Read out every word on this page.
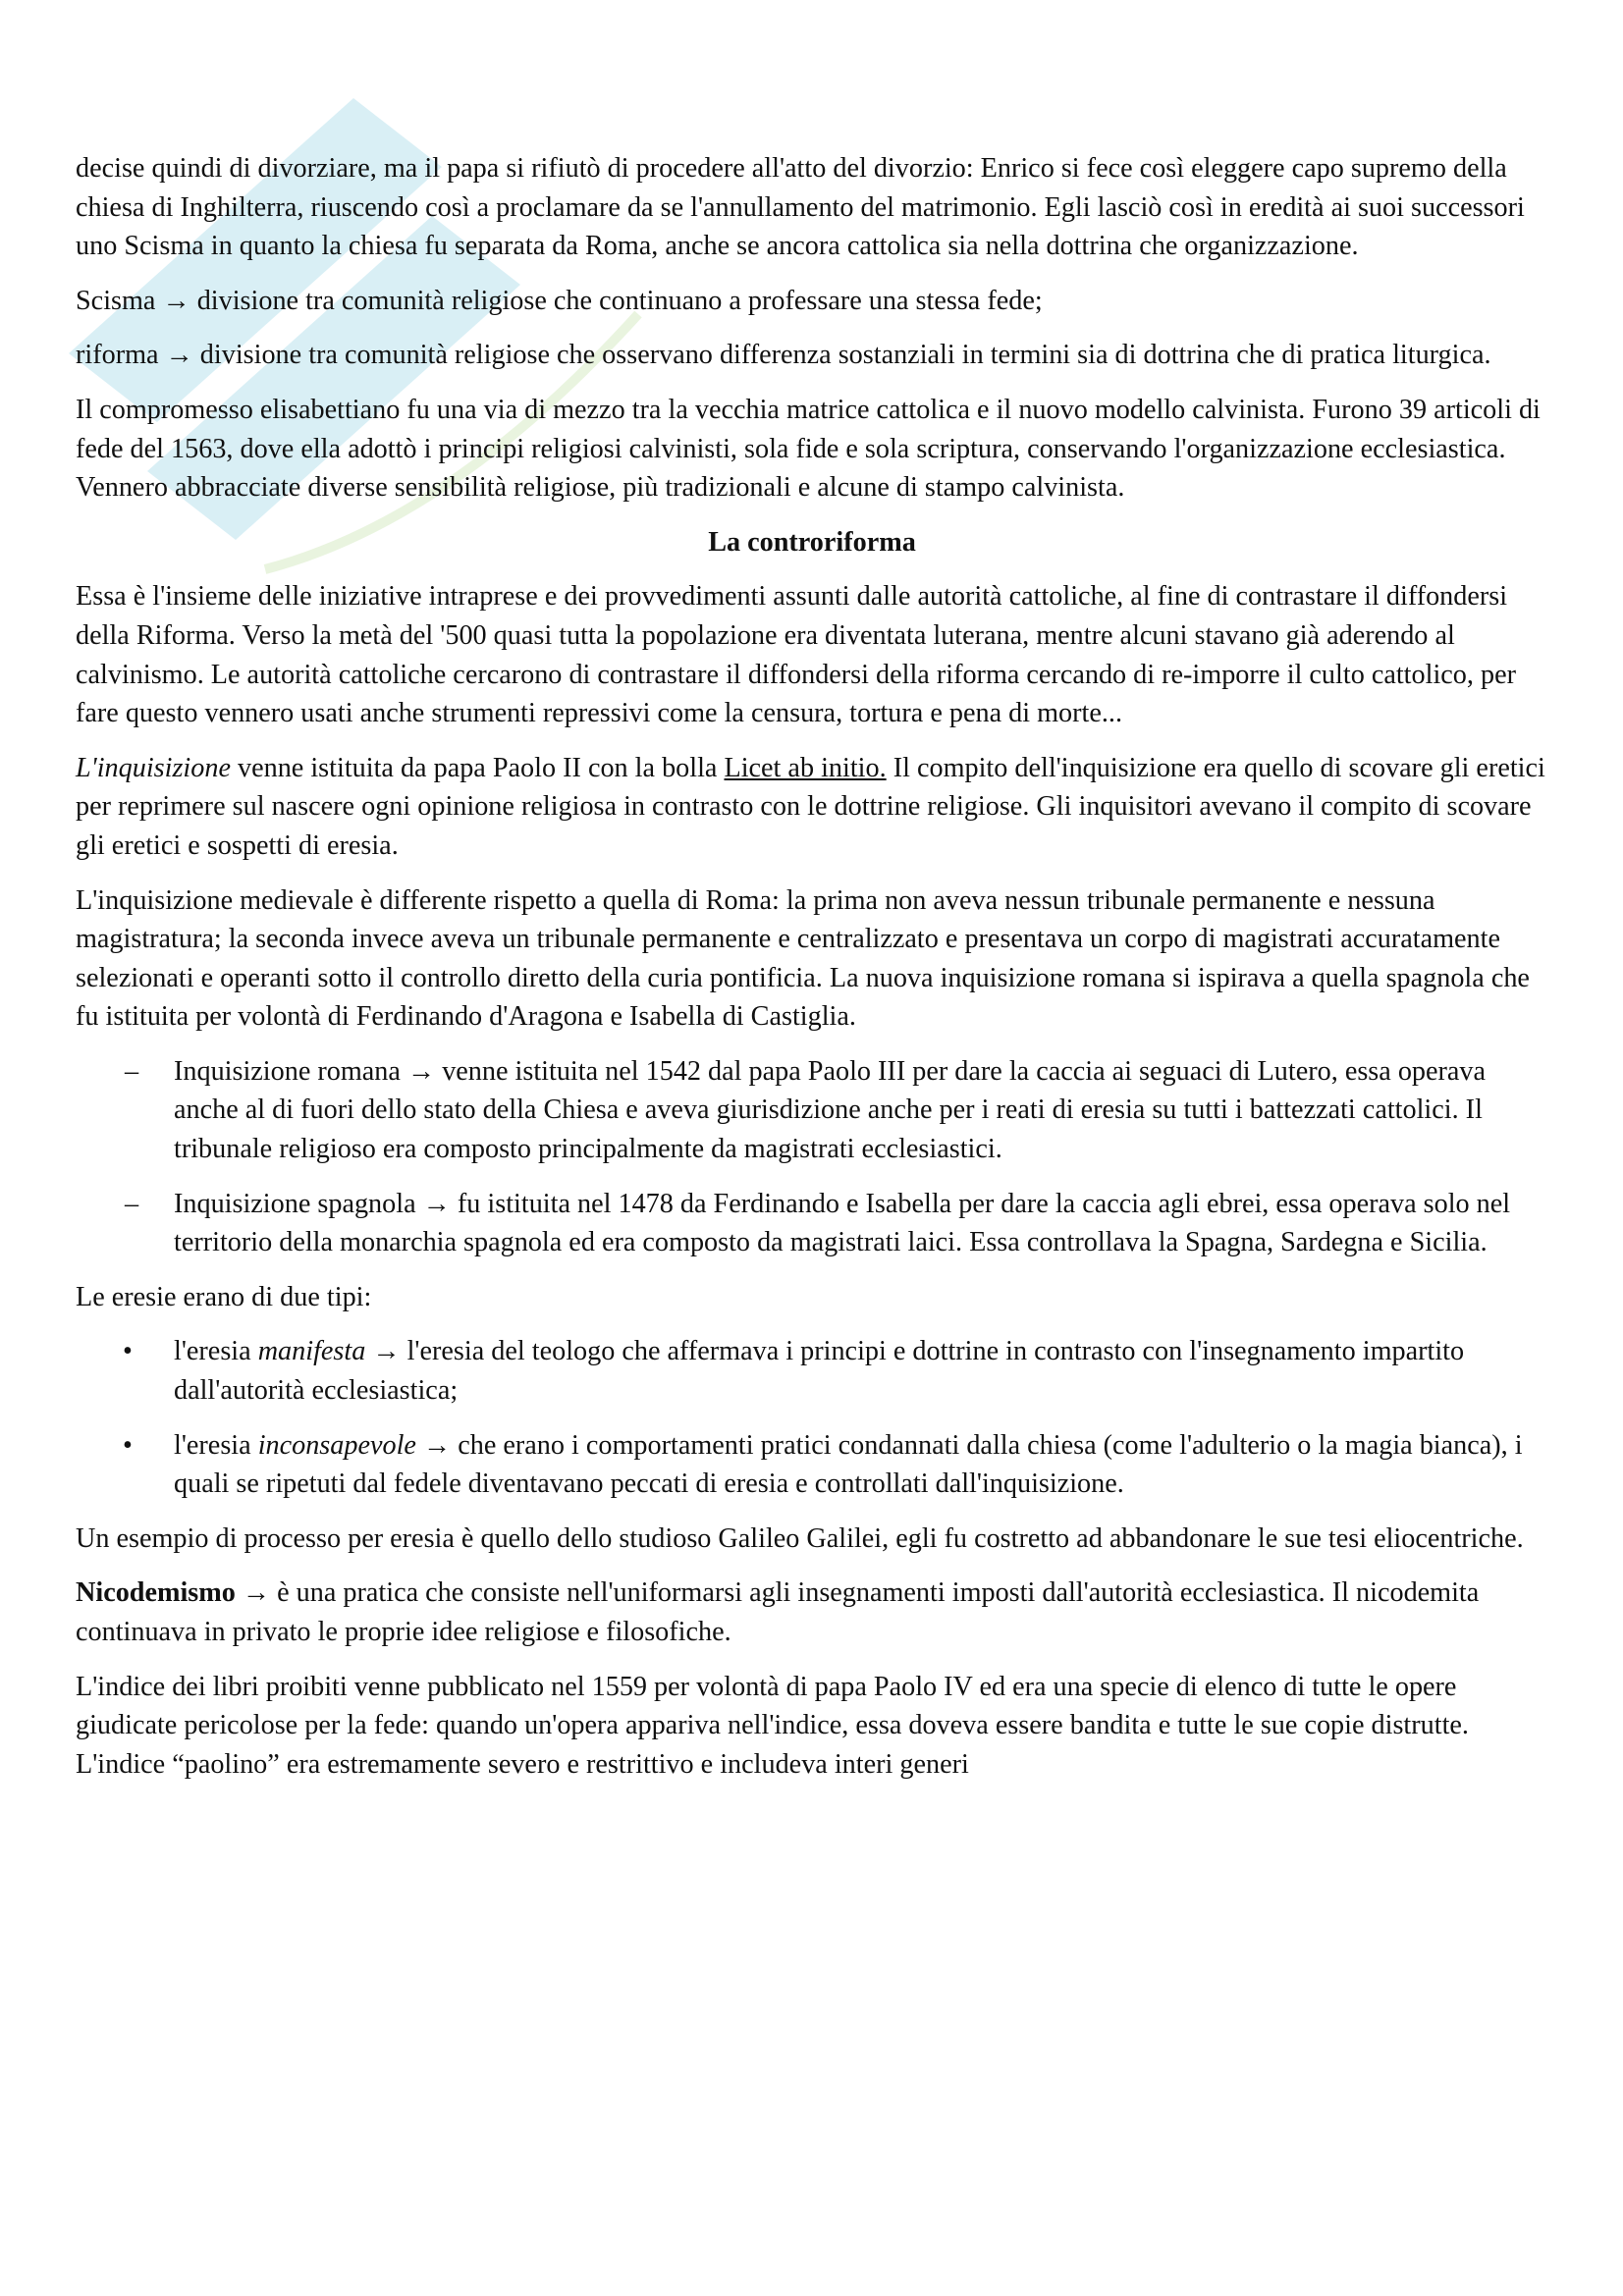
decise quindi di divorziare, ma il papa si rifiutò di procedere all'atto del divorzio: Enrico si fece così eleggere capo supremo della chiesa di Inghilterra, riuscendo così a proclamare da se l'annullamento del matrimonio. Egli lasciò così in eredità ai suoi successori uno Scisma in quanto la chiesa fu separata da Roma, anche se ancora cattolica sia nella dottrina che organizzazione.

Scisma → divisione tra comunità religiose che continuano a professare una stessa fede;

riforma → divisione tra comunità religiose che osservano differenza sostanziali in termini sia di dottrina che di pratica liturgica.

Il compromesso elisabettiano fu una via di mezzo tra la vecchia matrice cattolica e il nuovo modello calvinista. Furono 39 articoli di fede del 1563, dove ella adottò i principi religiosi calvinisti, sola fide e sola scriptura, conservando l'organizzazione ecclesiastica. Vennero abbracciate diverse sensibilità religiose, più tradizionali e alcune di stampo calvinista.

La controriforma

Essa è l'insieme delle iniziative intraprese e dei provvedimenti assunti dalle autorità cattoliche, al fine di contrastare il diffondersi della Riforma. Verso la metà del '500 quasi tutta la popolazione era diventata luterana, mentre alcuni stavano già aderendo al calvinismo. Le autorità cattoliche cercarono di contrastare il diffondersi della riforma cercando di re-imporre il culto cattolico, per fare questo vennero usati anche strumenti repressivi come la censura, tortura e pena di morte...

L'inquisizione venne istituita da papa Paolo II con la bolla Licet ab initio. Il compito dell'inquisizione era quello di scovare gli eretici per reprimere sul nascere ogni opinione religiosa in contrasto con le dottrine religiose. Gli inquisitori avevano il compito di scovare gli eretici e sospetti di eresia.

L'inquisizione medievale è differente rispetto a quella di Roma: la prima non aveva nessun tribunale permanente e nessuna magistratura; la seconda invece aveva un tribunale permanente e centralizzato e presentava un corpo di magistrati accuratamente selezionati e operanti sotto il controllo diretto della curia pontificia. La nuova inquisizione romana si ispirava a quella spagnola che fu istituita per volontà di Ferdinando d'Aragona e Isabella di Castiglia.

– Inquisizione romana → venne istituita nel 1542 dal papa Paolo III per dare la caccia ai seguaci di Lutero, essa operava anche al di fuori dello stato della Chiesa e aveva giurisdizione anche per i reati di eresia su tutti i battezzati cattolici. Il tribunale religioso era composto principalmente da magistrati ecclesiastici.
– Inquisizione spagnola → fu istituita nel 1478 da Ferdinando e Isabella per dare la caccia agli ebrei, essa operava solo nel territorio della monarchia spagnola ed era composto da magistrati laici. Essa controllava la Spagna, Sardegna e Sicilia.

Le eresie erano di due tipi:

• l'eresia manifesta → l'eresia del teologo che affermava i principi e dottrine in contrasto con l'insegnamento impartito dall'autorità ecclesiastica;
• l'eresia inconsapevole → che erano i comportamenti pratici condannati dalla chiesa (come l'adulterio o la magia bianca), i quali se ripetuti dal fedele diventavano peccati di eresia e controllati dall'inquisizione.

Un esempio di processo per eresia è quello dello studioso Galileo Galilei, egli fu costretto ad abbandonare le sue tesi eliocentriche.

Nicodemismo → è una pratica che consiste nell'uniformarsi agli insegnamenti imposti dall'autorità ecclesiastica. Il nicodemita continuava in privato le proprie idee religiose e filosofiche.

L'indice dei libri proibiti venne pubblicato nel 1559 per volontà di papa Paolo IV ed era una specie di elenco di tutte le opere giudicate pericolose per la fede: quando un'opera appariva nell'indice, essa doveva essere bandita e tutte le sue copie distrutte. L'indice “paolino” era estremamente severo e restrittivo e includeva interi generi
